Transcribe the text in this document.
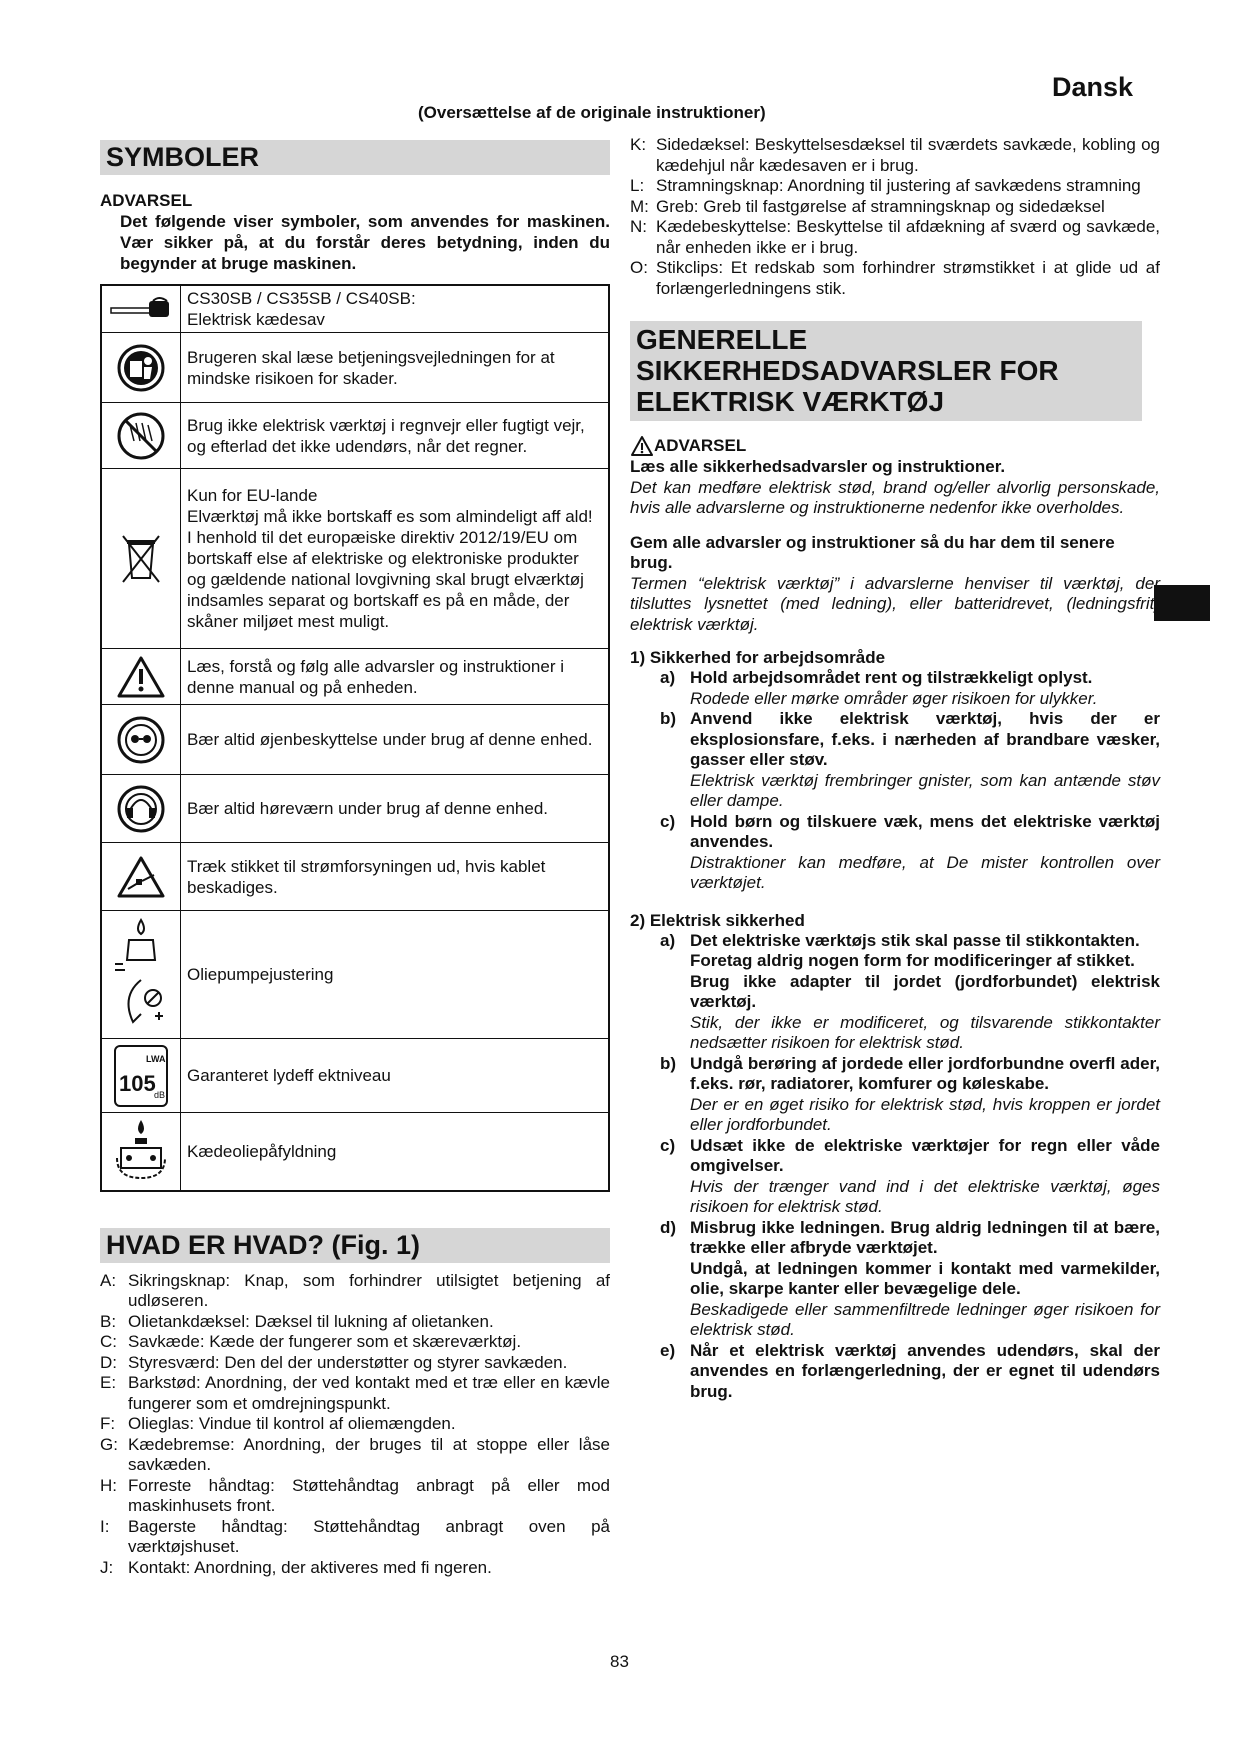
Dansk
(Oversættelse af de originale instruktioner)
SYMBOLER
ADVARSEL
Det følgende viser symboler, som anvendes for maskinen. Vær sikker på, at du forstår deres betydning, inden du begynder at bruge maskinen.

CS30SB / CS35SB / CS40SB:
Elektrisk kædesav

Brugeren skal læse betjeningsvejledningen for at mindske risikoen for skader.

Brug ikke elektrisk værktøj i regnvejr eller fugtigt vejr, og efterlad det ikke udendørs, når det regner.

Kun for EU-lande
Elværktøj må ikke bortskaff es som almindeligt aff ald!
I henhold til det europæiske direktiv 2012/19/EU om bortskaff else af elektriske og elektroniske produkter og gældende national lovgivning skal brugt elværktøj indsamles separat og bortskaff es på en måde, der skåner miljøet mest muligt.

Læs, forstå og følg alle advarsler og instruktioner i denne manual og på enheden.

Bær altid øjenbeskyttelse under brug af denne enhed.

Bær altid høreværn under brug af denne enhed.

Træk stikket til strømforsyningen ud, hvis kablet beskadiges.

Oliepumpejustering

LWA
105
dB	Garanteret lydeff ektniveau

Kædeoliepåfyldning
HVAD ER HVAD? (Fig. 1)
A: Sikringsknap: Knap, som forhindrer utilsigtet betjening af udløseren.
B: Olietankdæksel: Dæksel til lukning af olietanken.
C: Savkæde: Kæde der fungerer som et skæreværktøj.
D: Styresværd: Den del der understøtter og styrer savkæden.
E: Barkstød: Anordning, der ved kontakt med et træ eller en kævle fungerer som et omdrejningspunkt.
F: Olieglas: Vindue til kontrol af oliemængden.
G: Kædebremse: Anordning, der bruges til at stoppe eller låse savkæden.
H: Forreste håndtag: Støttehåndtag anbragt på eller mod maskinhusets front.
I:	Bagerste håndtag: Støttehåndtag anbragt oven på værktøjshuset.
J: Kontakt: Anordning, der aktiveres med fi ngeren.
K: Sidedæksel: Beskyttelsesdæksel til sværdets savkæde, kobling og kædehjul når kædesaven er i brug.
L: Stramningsknap: Anordning til justering af savkædens stramning
M: Greb: Greb til fastgørelse af stramningsknap og sidedæksel
N: Kædebeskyttelse: Beskyttelse til afdækning af sværd og savkæde, når enheden ikke er i brug.
O: Stikclips: Et redskab som forhindrer strømstikket i at glide ud af forlængerledningens stik.
GENERELLE
SIKKERHEDSADVARSLER FOR
ELEKTRISK VÆRKTØJ
ADVARSEL
Læs alle sikkerhedsadvarsler og instruktioner.
Det kan medføre elektrisk stød, brand og/eller alvorlig personskade, hvis alle advarslerne og instruktionerne nedenfor ikke overholdes.
Gem alle advarsler og instruktioner så du har dem til senere brug.
Termen “elektrisk værktøj” i advarslerne henviser til værktøj, der tilsluttes lysnettet (med ledning), eller batteridrevet, (ledningsfrit) elektrisk værktøj.
1) Sikkerhed for arbejdsområde
a) Hold arbejdsområdet rent og tilstrækkeligt oplyst.
Rodede eller mørke områder øger risikoen for ulykker.
b) Anvend ikke elektrisk værktøj, hvis der er eksplosionsfare, f.eks. i nærheden af brandbare væsker, gasser eller støv.
Elektrisk værktøj frembringer gnister, som kan antænde støv eller dampe.
c) Hold børn og tilskuere væk, mens det elektriske værktøj anvendes.
Distraktioner kan medføre, at De mister kontrollen over værktøjet.
2) Elektrisk sikkerhed
a) Det elektriske værktøjs stik skal passe til stikkontakten.
Foretag aldrig nogen form for modificeringer af stikket.
Brug ikke adapter til jordet (jordforbundet) elektrisk værktøj.
Stik, der ikke er modificeret, og tilsvarende stikkontakter nedsætter risikoen for elektrisk stød.
b) Undgå berøring af jordede eller jordforbundne overfl ader, f.eks. rør, radiatorer, komfurer og køleskabe.
Der er en øget risiko for elektrisk stød, hvis kroppen er jordet eller jordforbundet.
c) Udsæt ikke de elektriske værktøjer for regn eller våde omgivelser.
Hvis der trænger vand ind i det elektriske værktøj, øges risikoen for elektrisk stød.
d) Misbrug ikke ledningen. Brug aldrig ledningen til at bære, trække eller afbryde værktøjet.
Undgå, at ledningen kommer i kontakt med varmekilder, olie, skarpe kanter eller bevægelige dele.
Beskadigede eller sammenfiltrede ledninger øger risikoen for elektrisk stød.
e) Når et elektrisk værktøj anvendes udendørs, skal der anvendes en forlængerledning, der er egnet til udendørs brug.
83
